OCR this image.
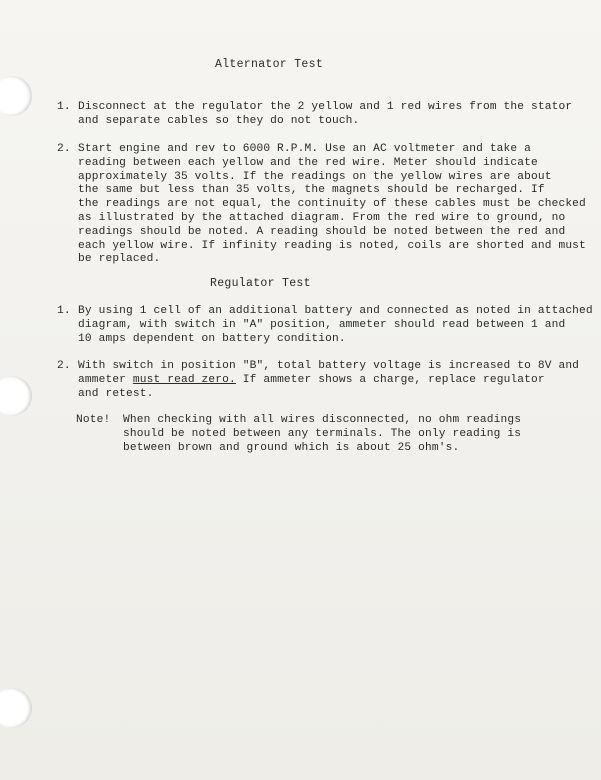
Alternator Test
1. Disconnect at the regulator the 2 yellow and 1 red wires from the stator
and separate cables so they do not touch.
2. Start engine and rev to 6000 R.P.M. Use an AC voltmeter and take a
reading between each yellow and the red wire. Meter should indicate
approximately 35 volts. If the readings on the yellow wires are about
the same but less than 35 volts, the magnets should be recharged. If
the readings are not equal, the continuity of these cables must be checked
as illustrated by the attached diagram. From the red wire to ground, no
readings should be noted. A reading should be noted between the red and
each yellow wire. If infinity reading is noted, coils are shorted and must
be replaced.
Regulator Test
1. By using 1 cell of an additional battery and connected as noted in attached
diagram, with switch in "A" position, ammeter should read between 1 and
10 amps dependent on battery condition.
2. With switch in position "B", total battery voltage is increased to 8V and
ammeter must read zero. If ammeter shows a charge, replace regulator
and retest.
Note! When checking with all wires disconnected, no ohm readings
should be noted between any terminals. The only reading is
between brown and ground which is about 25 ohm's.
